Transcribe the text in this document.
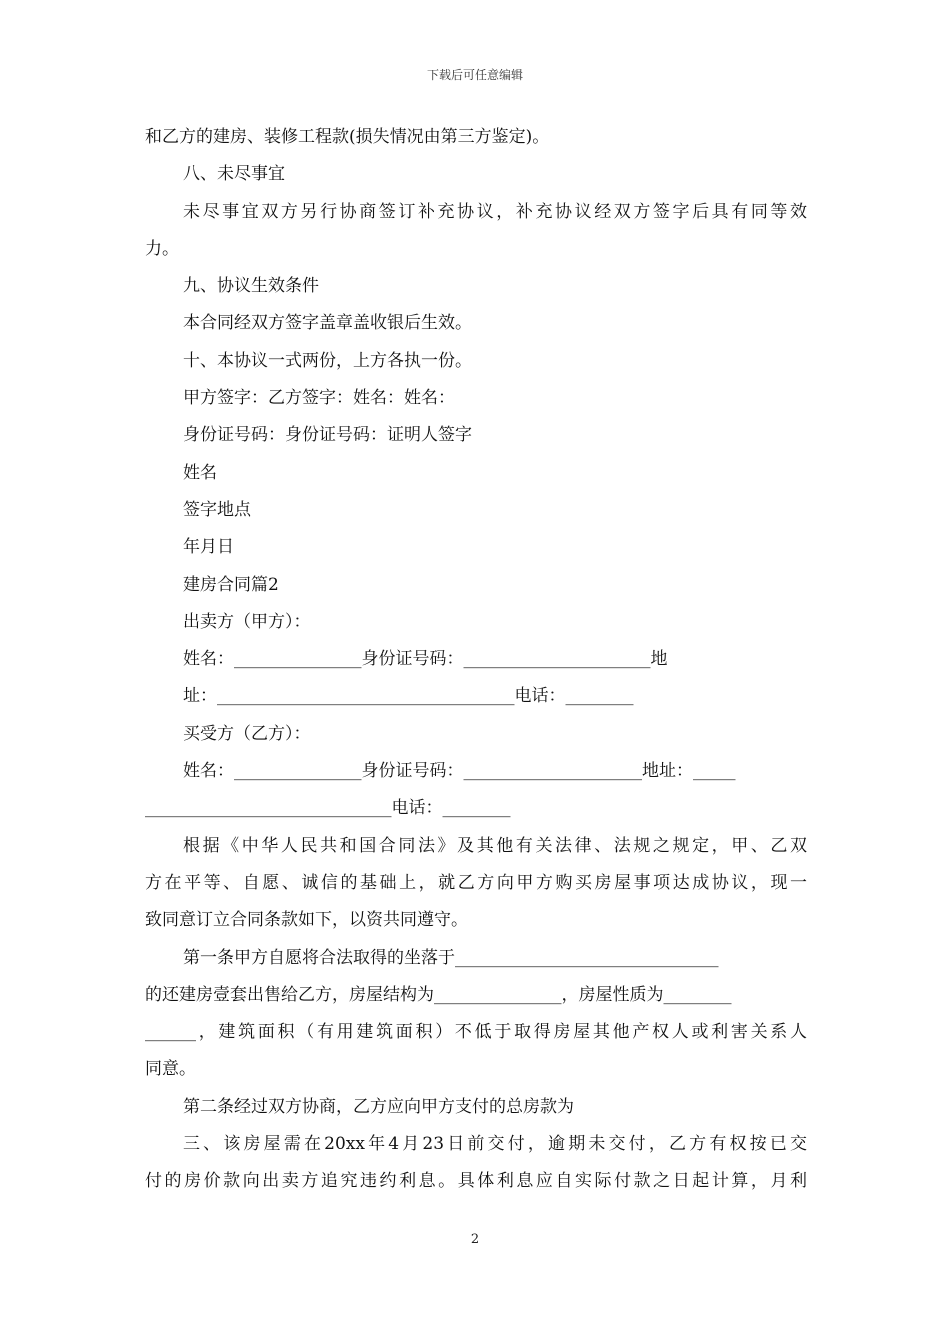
下载后可任意编辑
和乙方的建房、装修工程款(损失情况由第三方鉴定)。
八、未尽事宜
未尽事宜双方另行协商签订补充协议，补充协议经双方签字后具有同等效
力。
九、协议生效条件
本合同经双方签字盖章盖收银后生效。
十、本协议一式两份，上方各执一份。
甲方签字：乙方签字：姓名：姓名：
身份证号码：身份证号码：证明人签字
姓名
签字地点
年月日
建房合同篇2
出卖方（甲方）：
姓名：_______________身份证号码：______________________地
址：___________________________________电话：________
买受方（乙方）：
姓名：_______________身份证号码：_____________________地址：_____
_____________________________电话：________
根据《中华人民共和国合同法》及其他有关法律、法规之规定，甲、乙双
方在平等、自愿、诚信的基础上，就乙方向甲方购买房屋事项达成协议，现一
致同意订立合同条款如下，以资共同遵守。
第一条甲方自愿将合法取得的坐落于_______________________________
的还建房壹套出售给乙方，房屋结构为_______________，房屋性质为________
______，建筑面积（有用建筑面积）不低于取得房屋其他产权人或利害关系人
同意。
第二条经过双方协商，乙方应向甲方支付的总房款为
三、该房屋需在20xx年4月23日前交付，逾期未交付，乙方有权按已交
付的房价款向出卖方追究违约利息。具体利息应自实际付款之日起计算，月利
2
